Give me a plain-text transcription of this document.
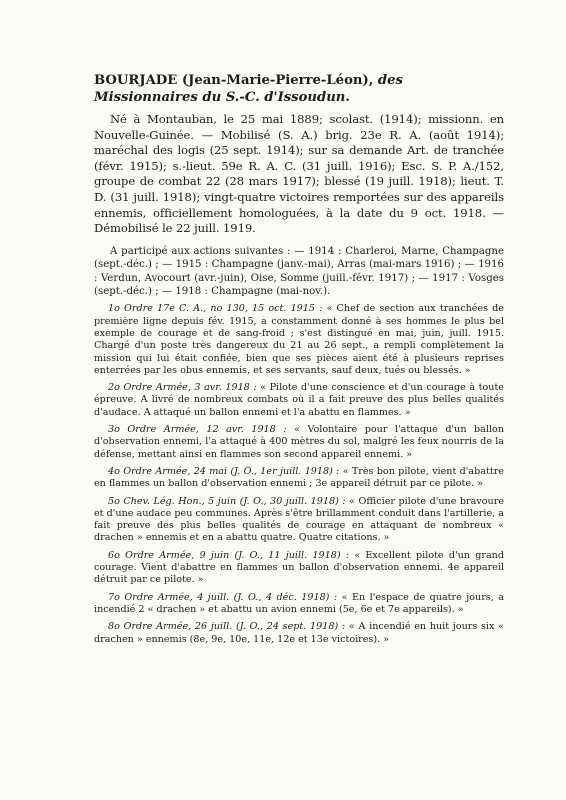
BOURJADE (Jean-Marie-Pierre-Léon), des Missionnaires du S.-C. d'Issoudun.

Né à Montauban, le 25 mai 1889; scolast. (1914); missionn. en Nouvelle-Guinée. — Mobilisé (S. A.) brig. 23e R. A. (août 1914); maréchal des logis (25 sept. 1914); sur sa demande Art. de tranchée (févr. 1915); s.-lieut. 59e R. A. C. (31 juill. 1916); Esc. S. P. A./152, groupe de combat 22 (28 mars 1917); blessé (19 juill. 1918); lieut. T. D. (31 juill. 1918); vingt-quatre victoires remportées sur des appareils ennemis, officiellement homologuées, à la date du 9 oct. 1918. — Démobilisé le 22 juill. 1919.

A participé aux actions suivantes : — 1914 : Charleroi, Marne, Champagne (sept.-déc.) ; — 1915 : Champagne (janv.-mai), Arras (mai-mars 1916) ; — 1916 : Verdun, Avocourt (avr.-juin), Oise, Somme (juill.-févr. 1917) ; — 1917 : Vosges (sept.-déc.) ; — 1918 : Champagne (mai-nov.).

1o Ordre 17e C. A., no 130, 15 oct. 1915 : « Chef de section aux tranchées de première ligne depuis fév. 1915, a constamment donné à ses hommes le plus bel exemple de courage et de sang-froid ; s'est distingué en mai, juin, juill. 1915. Chargé d'un poste très dangereux du 21 au 26 sept., a rempli complètement la mission qui lui était confiée, bien que ses pièces aient été à plusieurs reprises enterrées par les obus ennemis, et ses servants, sauf deux, tués ou blessés. »

2o Ordre Armée, 3 avr. 1918 : « Pilote d'une conscience et d'un courage à toute épreuve. A livré de nombreux combats où il a fait preuve des plus belles qualités d'audace. A attaqué un ballon ennemi et l'a abattu en flammes. »

3o Ordre Armée, 12 avr. 1918 : « Volontaire pour l'attaque d'un ballon d'observation ennemi, l'a attaqué à 400 mètres du sol, malgré les feux nourris de la défense, mettant ainsi en flammes son second appareil ennemi. »

4o Ordre Armée, 24 mai (J. O., 1er juill. 1918) : « Très bon pilote, vient d'abattre en flammes un ballon d'observation ennemi ; 3e appareil détruit par ce pilote. »

5o Chev. Lég. Hon., 5 juin (J. O., 30 juill. 1918) : « Officier pilote d'une bravoure et d'une audace peu communes. Après s'être brillamment conduit dans l'artillerie, a fait preuve des plus belles qualités de courage en attaquant de nombreux « drachen » ennemis et en a abattu quatre. Quatre citations. »

6o Ordre Armée, 9 juin (J. O., 11 juill. 1918) : « Excellent pilote d'un grand courage. Vient d'abattre en flammes un ballon d'observation ennemi. 4e appareil détruit par ce pilote. »

7o Ordre Armée, 4 juill. (J. O., 4 déc. 1918) : « En l'espace de quatre jours, a incendié 2 « drachen » et abattu un avion ennemi (5e, 6e et 7e appareils). »

8o Ordre Armée, 26 juill. (J. O., 24 sept. 1918) : « A incendié en huit jours six « drachen » ennemis (8e, 9e, 10e, 11e, 12e et 13e victoires). »
